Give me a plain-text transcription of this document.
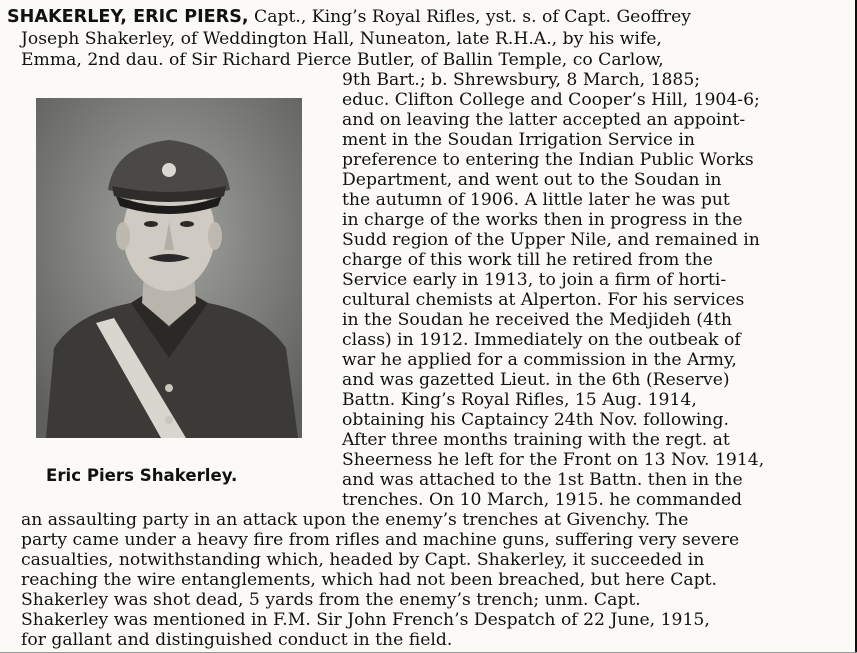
SHAKERLEY, ERIC PIERS, Capt., King’s Royal Rifles, yst. s. of Capt. Geoffrey

Joseph Shakerley, of Weddington Hall, Nuneaton, late R.H.A., by his wife,

Emma, 2nd dau. of Sir Richard Pierce Butler, of Ballin Temple, co Carlow,

9th Bart.; b. Shrewsbury, 8 March, 1885;

educ. Clifton College and Cooper’s Hill, 1904-6;

and on leaving the latter accepted an appoint-

ment in the Soudan Irrigation Service in

preference to entering the Indian Public Works

Department, and went out to the Soudan in

the autumn of 1906. A little later he was put

in charge of the works then in progress in the

Sudd region of the Upper Nile, and remained in

charge of this work till he retired from the

Service early in 1913, to join a firm of horti-

cultural chemists at Alperton. For his services

in the Soudan he received the Medjideh (4th

class) in 1912. Immediately on the outbeak of

war he applied for a commission in the Army,

and was gazetted Lieut. in the 6th (Reserve)

Battn. King’s Royal Rifles, 15 Aug. 1914,

obtaining his Captaincy 24th Nov. following.

After three months training with the regt. at

Sheerness he left for the Front on 13 Nov. 1914,

and was attached to the 1st Battn. then in the

trenches. On 10 March, 1915. he commanded

an assaulting party in an attack upon the enemy’s trenches at Givenchy. The

party came under a heavy fire from rifles and machine guns, suffering very severe

casualties, notwithstanding which, headed by Capt. Shakerley, it succeeded in

reaching the wire entanglements, which had not been breached, but here Capt.

Shakerley was shot dead, 5 yards from the enemy’s trench; unm. Capt.

Shakerley was mentioned in F.M. Sir John French’s Despatch of 22 June, 1915,

for gallant and distinguished conduct in the field.

Eric Piers Shakerley.
